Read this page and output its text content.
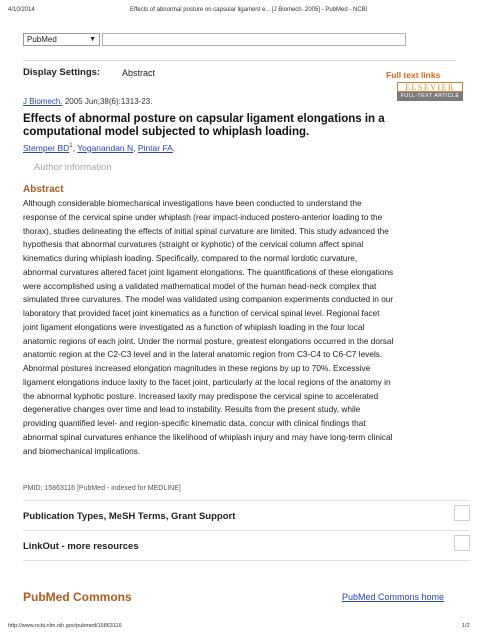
4/10/2014	Effects of abnormal posture on capsular ligament e... [J Biomech. 2005] - PubMed - NCBI
PubMed	▼
Display Settings: Abstract	Full text links
ELSEVIER
FULL-TEXT ARTICLE
J Biomech. 2005 Jun;38(6):1313-23.
Effects of abnormal posture on capsular ligament elongations in a computational model subjected to whiplash loading.
Stemper $BD^1$, Yoganandan N, Pintar FA.
Author information
Abstract
Although considerable biomechanical investigations have been conducted to understand the
response of the cervical spine under whiplash (rear impact-induced postero-anterior loading to the
thorax), studies delineating the effects of initial spinal curvature are limited. This study advanced the
hypothesis that abnormal curvatures (straight or kyphotic) of the cervical column affect spinal
kinematics during whiplash loading. Specifically, compared to the normal lordotic curvature,
abnormal curvatures altered facet joint ligament elongations. The quantifications of these elongations
were accomplished using a validated mathematical model of the human head-neck complex that
simulated three curvatures. The model was validated using companion experiments conducted in our
laboratory that provided facet joint kinematics as a function of cervical spinal level. Regional facet
joint ligament elongations were investigated as a function of whiplash loading in the four local
anatomic regions of each joint. Under the normal posture, greatest elongations occurred in the dorsal
anatomic region at the C2-C3 level and in the lateral anatomic region from C3-C4 to C6-C7 levels.
Abnormal postures increased elongation magnitudes in these regions by up to 70%. Excessive
ligament elongations induce laxity to the facet joint, particularly at the local regions of the anatomy in
the abnormal kyphotic posture. Increased laxity may predispose the cervical spine to accelerated
degenerative changes over time and lead to instability. Results from the present study, while
providing quantified level- and region-specific kinematic data, concur with clinical findings that
abnormal spinal curvatures enhance the likelihood of whiplash injury and may have long-term clinical
and biomechanical implications.
PMID: 15863116 [PubMed - indexed for MEDLINE]
Publication Types, MeSH Terms, Grant Support
LinkOut - more resources
PubMed Commons	PubMed Commons home
http://www.ncbi.nlm.nih.gov/pubmed/15863116	1/2
